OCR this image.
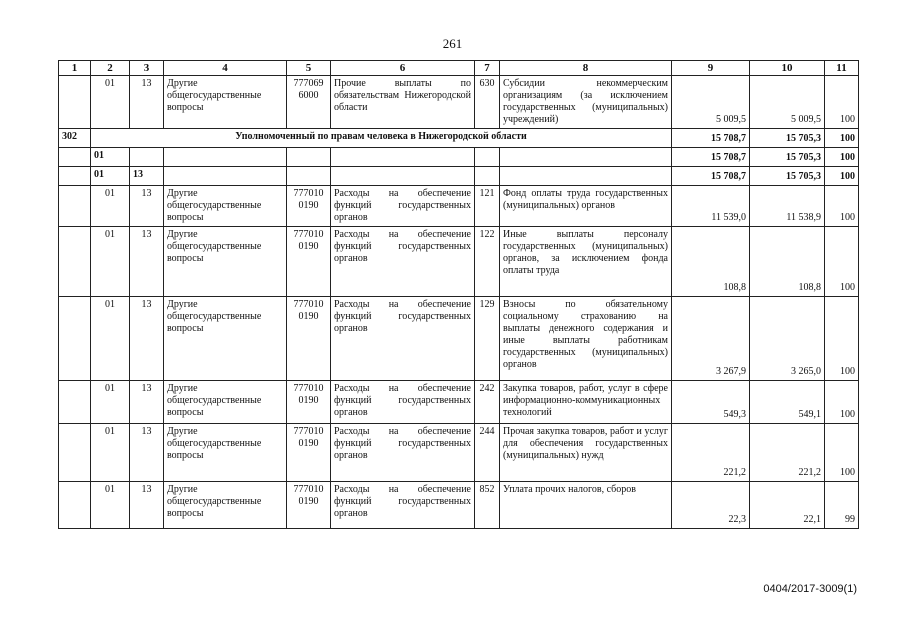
261
1	2	3	4	5	6	7	8	9	10	11
	01	13	Другие общегосударственные вопросы	777069 6000	Прочие выплаты по обязательствам Нижегородской области	630	Субсидии некоммерческим организациям (за исключением государственных (муниципальных) учреждений)	5 009,5	5 009,5	100
302	Уполномоченный по правам человека в Нижегородской области							15 708,7	15 705,3	100
	01							15 708,7	15 705,3	100
	01	13						15 708,7	15 705,3	100
	01	13	Другие общегосударственные вопросы	777010 0190	Расходы на обеспечение функций государственных органов	121	Фонд оплаты труда государственных (муниципальных) органов	11 539,0	11 538,9	100
	01	13	Другие общегосударственные вопросы	777010 0190	Расходы на обеспечение функций государственных органов	122	Иные выплаты персоналу государственных (муниципальных) органов, за исключением фонда оплаты труда	108,8	108,8	100
	01	13	Другие общегосударственные вопросы	777010 0190	Расходы на обеспечение функций государственных органов	129	Взносы по обязательному социальному страхованию на выплаты денежного содержания и иные выплаты работникам государственных (муниципальных) органов	3 267,9	3 265,0	100
	01	13	Другие общегосударственные вопросы	777010 0190	Расходы на обеспечение функций государственных органов	242	Закупка товаров, работ, услуг в сфере информационно-коммуникационных технологий	549,3	549,1	100
	01	13	Другие общегосударственные вопросы	777010 0190	Расходы на обеспечение функций государственных органов	244	Прочая закупка товаров, работ и услуг для обеспечения государственных (муниципальных) нужд	221,2	221,2	100
	01	13	Другие общегосударственные вопросы	777010 0190	Расходы на обеспечение функций государственных органов	852	Уплата прочих налогов, сборов	22,3	22,1	99
0404/2017-3009(1)
